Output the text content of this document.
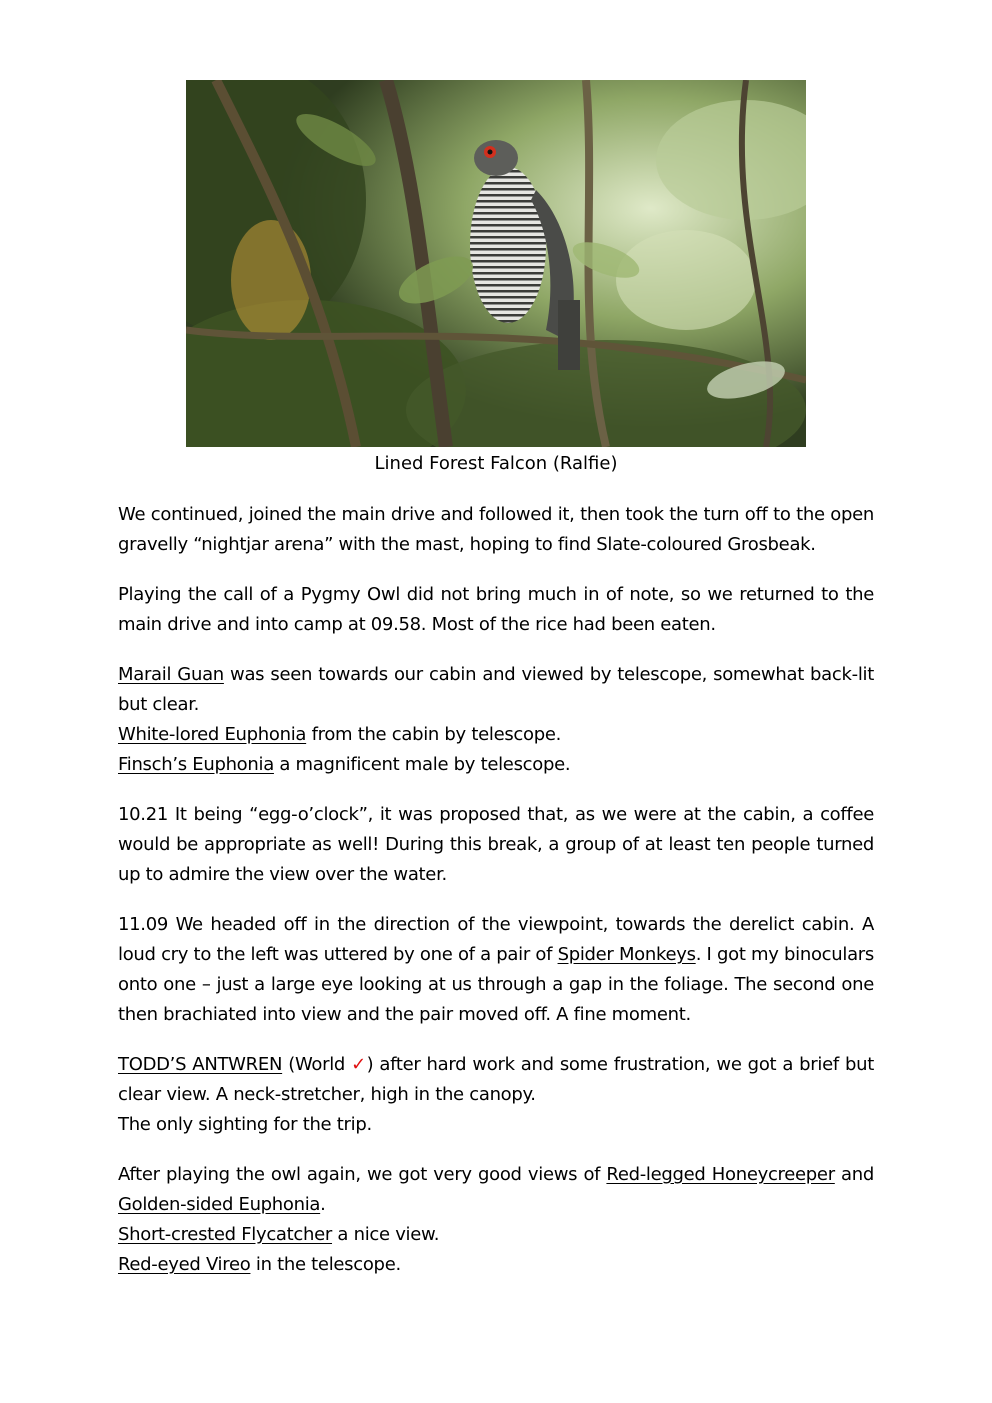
Lined Forest Falcon (Ralfie)

We continued, joined the main drive and followed it, then took the turn off to the open gravelly “nightjar arena” with the mast, hoping to find Slate-coloured Grosbeak.

Playing the call of a Pygmy Owl did not bring much in of note, so we returned to the main drive and into camp at 09.58. Most of the rice had been eaten.

Marail Guan was seen towards our cabin and viewed by telescope, somewhat back-lit but clear.
White-lored Euphonia from the cabin by telescope.
Finsch’s Euphonia a magnificent male by telescope.

10.21 It being “egg-o’clock”, it was proposed that, as we were at the cabin, a coffee would be appropriate as well! During this break, a group of at least ten people turned up to admire the view over the water.

11.09 We headed off in the direction of the viewpoint, towards the derelict cabin. A loud cry to the left was uttered by one of a pair of Spider Monkeys. I got my binoculars onto one – just a large eye looking at us through a gap in the foliage. The second one then brachiated into view and the pair moved off. A fine moment.

TODD’S ANTWREN (World ✓) after hard work and some frustration, we got a brief but clear view. A neck-stretcher, high in the canopy.
The only sighting for the trip.

After playing the owl again, we got very good views of Red-legged Honeycreeper and Golden-sided Euphonia.
Short-crested Flycatcher a nice view.
Red-eyed Vireo in the telescope.
